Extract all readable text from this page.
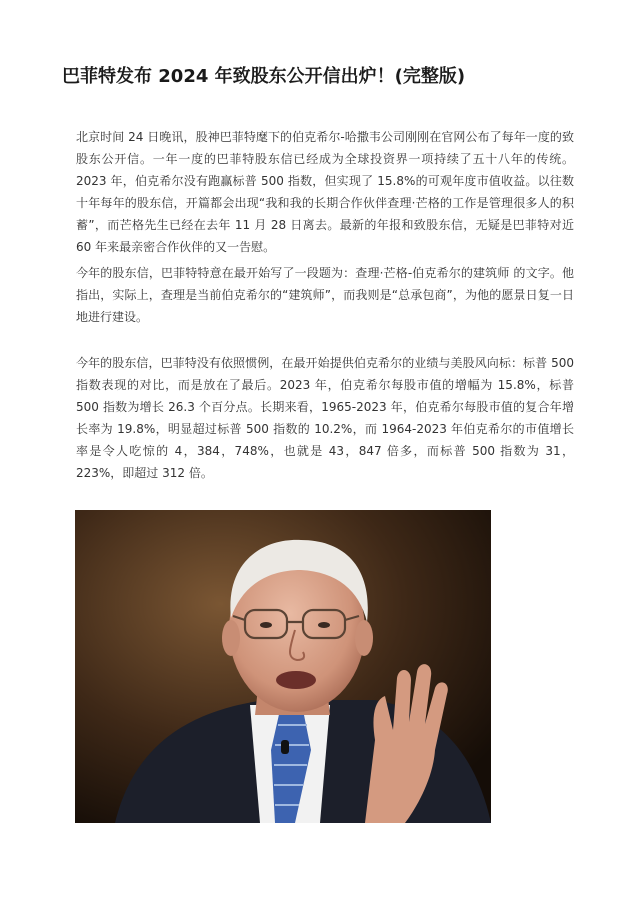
巴菲特发布 2024 年致股东公开信出炉！(完整版)

北京时间 24 日晚讯，股神巴菲特麾下的伯克希尔-哈撒韦公司刚刚在官网公布了每年一度的致股东公开信。一年一度的巴菲特股东信已经成为全球投资界一项持续了五十八年的传统。2023 年，伯克希尔没有跑赢标普 500 指数，但实现了 15.8%的可观年度市值收益。以往数十年每年的股东信，开篇都会出现“我和我的长期合作伙伴查理·芒格的工作是管理很多人的积蓄”，而芒格先生已经在去年 11 月 28 日离去。最新的年报和致股东信，无疑是巴菲特对近 60 年来最亲密合作伙伴的又一告慰。

今年的股东信，巴菲特特意在最开始写了一段题为：查理·芒格-伯克希尔的建筑师 的文字。他指出，实际上，查理是当前伯克希尔的“建筑师”，而我则是“总承包商”，为他的愿景日复一日地进行建设。

今年的股东信，巴菲特没有依照惯例，在最开始提供伯克希尔的业绩与美股风向标：标普 500 指数表现的对比，而是放在了最后。2023 年，伯克希尔每股市值的增幅为 15.8%，标普 500 指数为增长 26.3 个百分点。长期来看，1965-2023 年，伯克希尔每股市值的复合年增长率为 19.8%，明显超过标普 500 指数的 10.2%，而 1964-2023 年伯克希尔的市值增长率是令人吃惊的 4，384，748%，也就是 43，847 倍多，而标普 500 指数为 31，223%，即超过 312 倍。
